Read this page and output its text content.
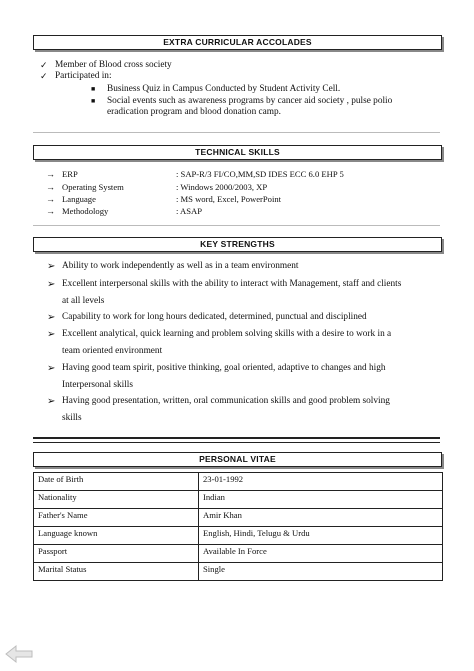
EXTRA CURRICULAR ACCOLADES
✓ Member of Blood cross society
✓ Participated in:
■ Business Quiz in Campus Conducted by Student Activity Cell.
■ Social events such as awareness programs by cancer aid society , pulse polio
eradication program and blood donation camp.
TECHNICAL SKILLS
→ ERP	: SAP-R/3 FI/CO,MM,SD IDES ECC 6.0 EHP 5
→ Operating System	: Windows 2000/2003, XP
→ Language	: MS word, Excel, PowerPoint
→ Methodology	: ASAP
KEY STRENGTHS
➢ Ability to work independently as well as in a team environment
➢ Excellent interpersonal skills with the ability to interact with Management, staff and clients
at all levels
➢ Capability to work for long hours dedicated, determined, punctual and disciplined
➢ Excellent analytical, quick learning and problem solving skills with a desire to work in a
team oriented environment
➢ Having good team spirit, positive thinking, goal oriented, adaptive to changes and high
Interpersonal skills
➢ Having good presentation, written, oral communication skills and good problem solving
skills
PERSONAL VITAE
Date of Birth	23-01-1992
Nationality	Indian
Father's Name	Amir Khan
Language known	English, Hindi, Telugu & Urdu
Passport	Available In Force
Marital Status	Single
